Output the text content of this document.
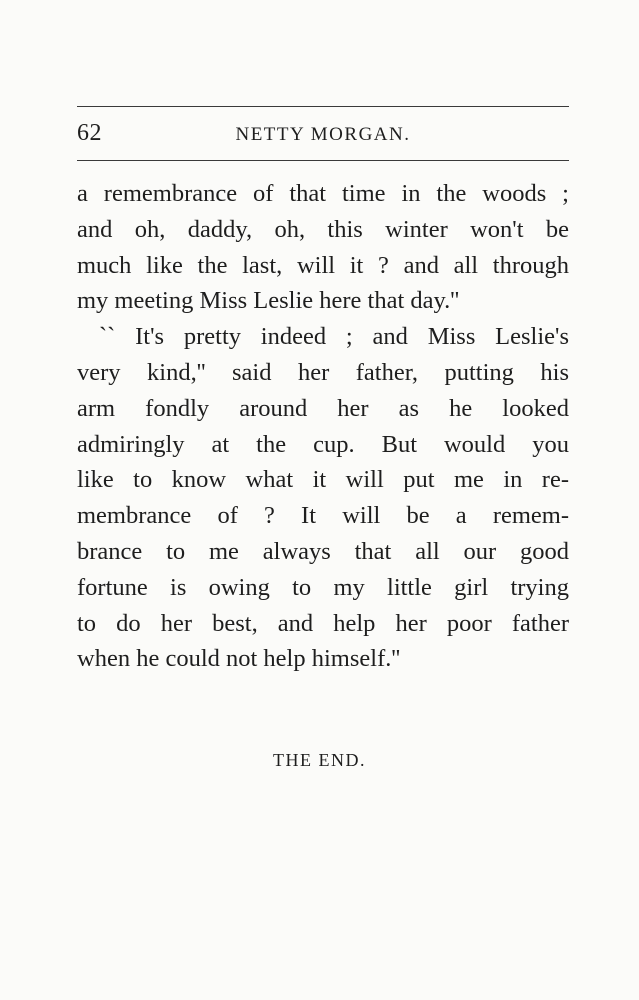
62	NETTY MORGAN.
a remembrance of that time in the woods ;
and oh, daddy, oh, this winter won't be
much like the last, will it ? and all through
my meeting Miss Leslie here that day.''
`` It's pretty indeed ; and Miss Leslie's
very kind,'' said her father, putting his
arm fondly around her as he looked
admiringly at the cup. But would you
like to know what it will put me in re-
membrance of ? It will be a remem-
brance to me always that all our good
fortune is owing to my little girl trying
to do her best, and help her poor father
when he could not help himself.''
THE END.
